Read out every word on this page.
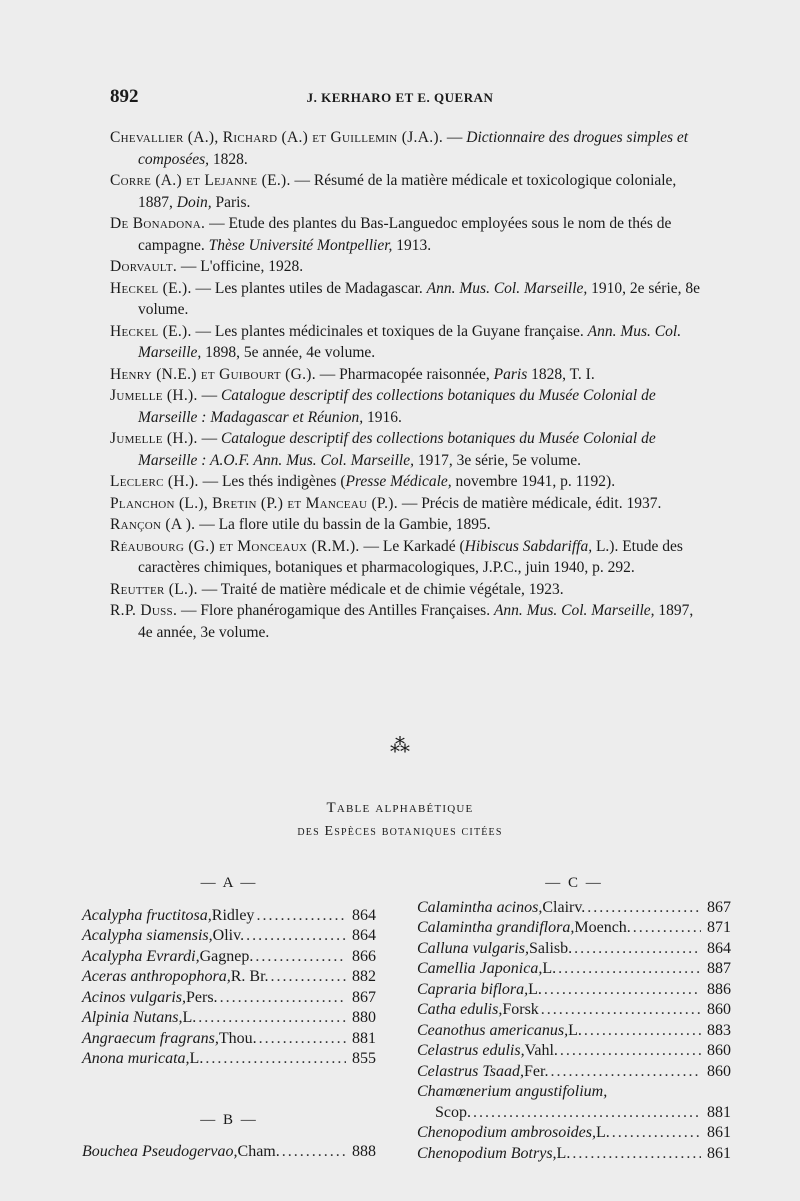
892	J. KERHARO ET E. QUERAN

Chevallier (A.), Richard (A.) et Guillemin (J.A.). — Dictionnaire des drogues simples et composées, 1828.

Corre (A.) et Lejanne (E.). — Résumé de la matière médicale et toxicologique coloniale, 1887, Doin, Paris.

De Bonadona. — Etude des plantes du Bas-Languedoc employées sous le nom de thés de campagne. Thèse Université Montpellier, 1913.

Dorvault. — L'officine, 1928.

Heckel (E.). — Les plantes utiles de Madagascar. Ann. Mus. Col. Marseille, 1910, 2e série, 8e volume.

Heckel (E.). — Les plantes médicinales et toxiques de la Guyane française. Ann. Mus. Col. Marseille, 1898, 5e année, 4e volume.

Henry (N.E.) et Guibourt (G.). — Pharmacopée raisonnée, Paris 1828, T. I.

Jumelle (H.). — Catalogue descriptif des collections botaniques du Musée Colonial de Marseille : Madagascar et Réunion, 1916.

Jumelle (H.). — Catalogue descriptif des collections botaniques du Musée Colonial de Marseille : A.O.F. Ann. Mus. Col. Marseille, 1917, 3e série, 5e volume.

Leclerc (H.). — Les thés indigènes (Presse Médicale, novembre 1941, p. 1192).

Planchon (L.), Bretin (P.) et Manceau (P.). — Précis de matière médicale, édit. 1937.

Rançon (A ). — La flore utile du bassin de la Gambie, 1895.

Réaubourg (G.) et Monceaux (R.M.). — Le Karkadé (Hibiscus Sabdariffa, L.). Etude des caractères chimiques, botaniques et pharmacologiques, J.P.C., juin 1940, p. 292.

Reutter (L.). — Traité de matière médicale et de chimie végétale, 1923.

R.P. Duss. — Flore phanérogamique des Antilles Françaises. Ann. Mus. Col. Marseille, 1897, 4e année, 3e volume.

⁂
Table alphabétique
des Espèces botaniques citées
— A —
Acalypha fructitosa, Ridley .....	864
Acalypha siamensis, Oliv. .....	864
Acalypha Evrardi, Gagnep. .....	866
Aceras anthropophora, R. Br. .....	882
Acinos vulgaris, Pers. .....	867
Alpinia Nutans, L. .....	880
Angraecum fragrans, Thou. .....	881
Anona muricata, L. .....	855
— B —
Bouchea Pseudogervao, Cham. .....	888
— C —
Calamintha acinos, Clairv. .....	867
Calamintha grandiflora, Moench. .....	871
Calluna vulgaris, Salisb. .....	864
Camellia Japonica, L. .....	887
Capraria biflora, L. .....	886
Catha edulis, Forsk .....	860
Ceanothus americanus, L. .....	883
Celastrus edulis, Vahl. .....	860
Celastrus Tsaad, Fer. .....	860
Chamœnerium angustifolium,
Scop. .....	881
Chenopodium ambrosoides, L. .....	861
Chenopodium Botrys, L. .....	861
